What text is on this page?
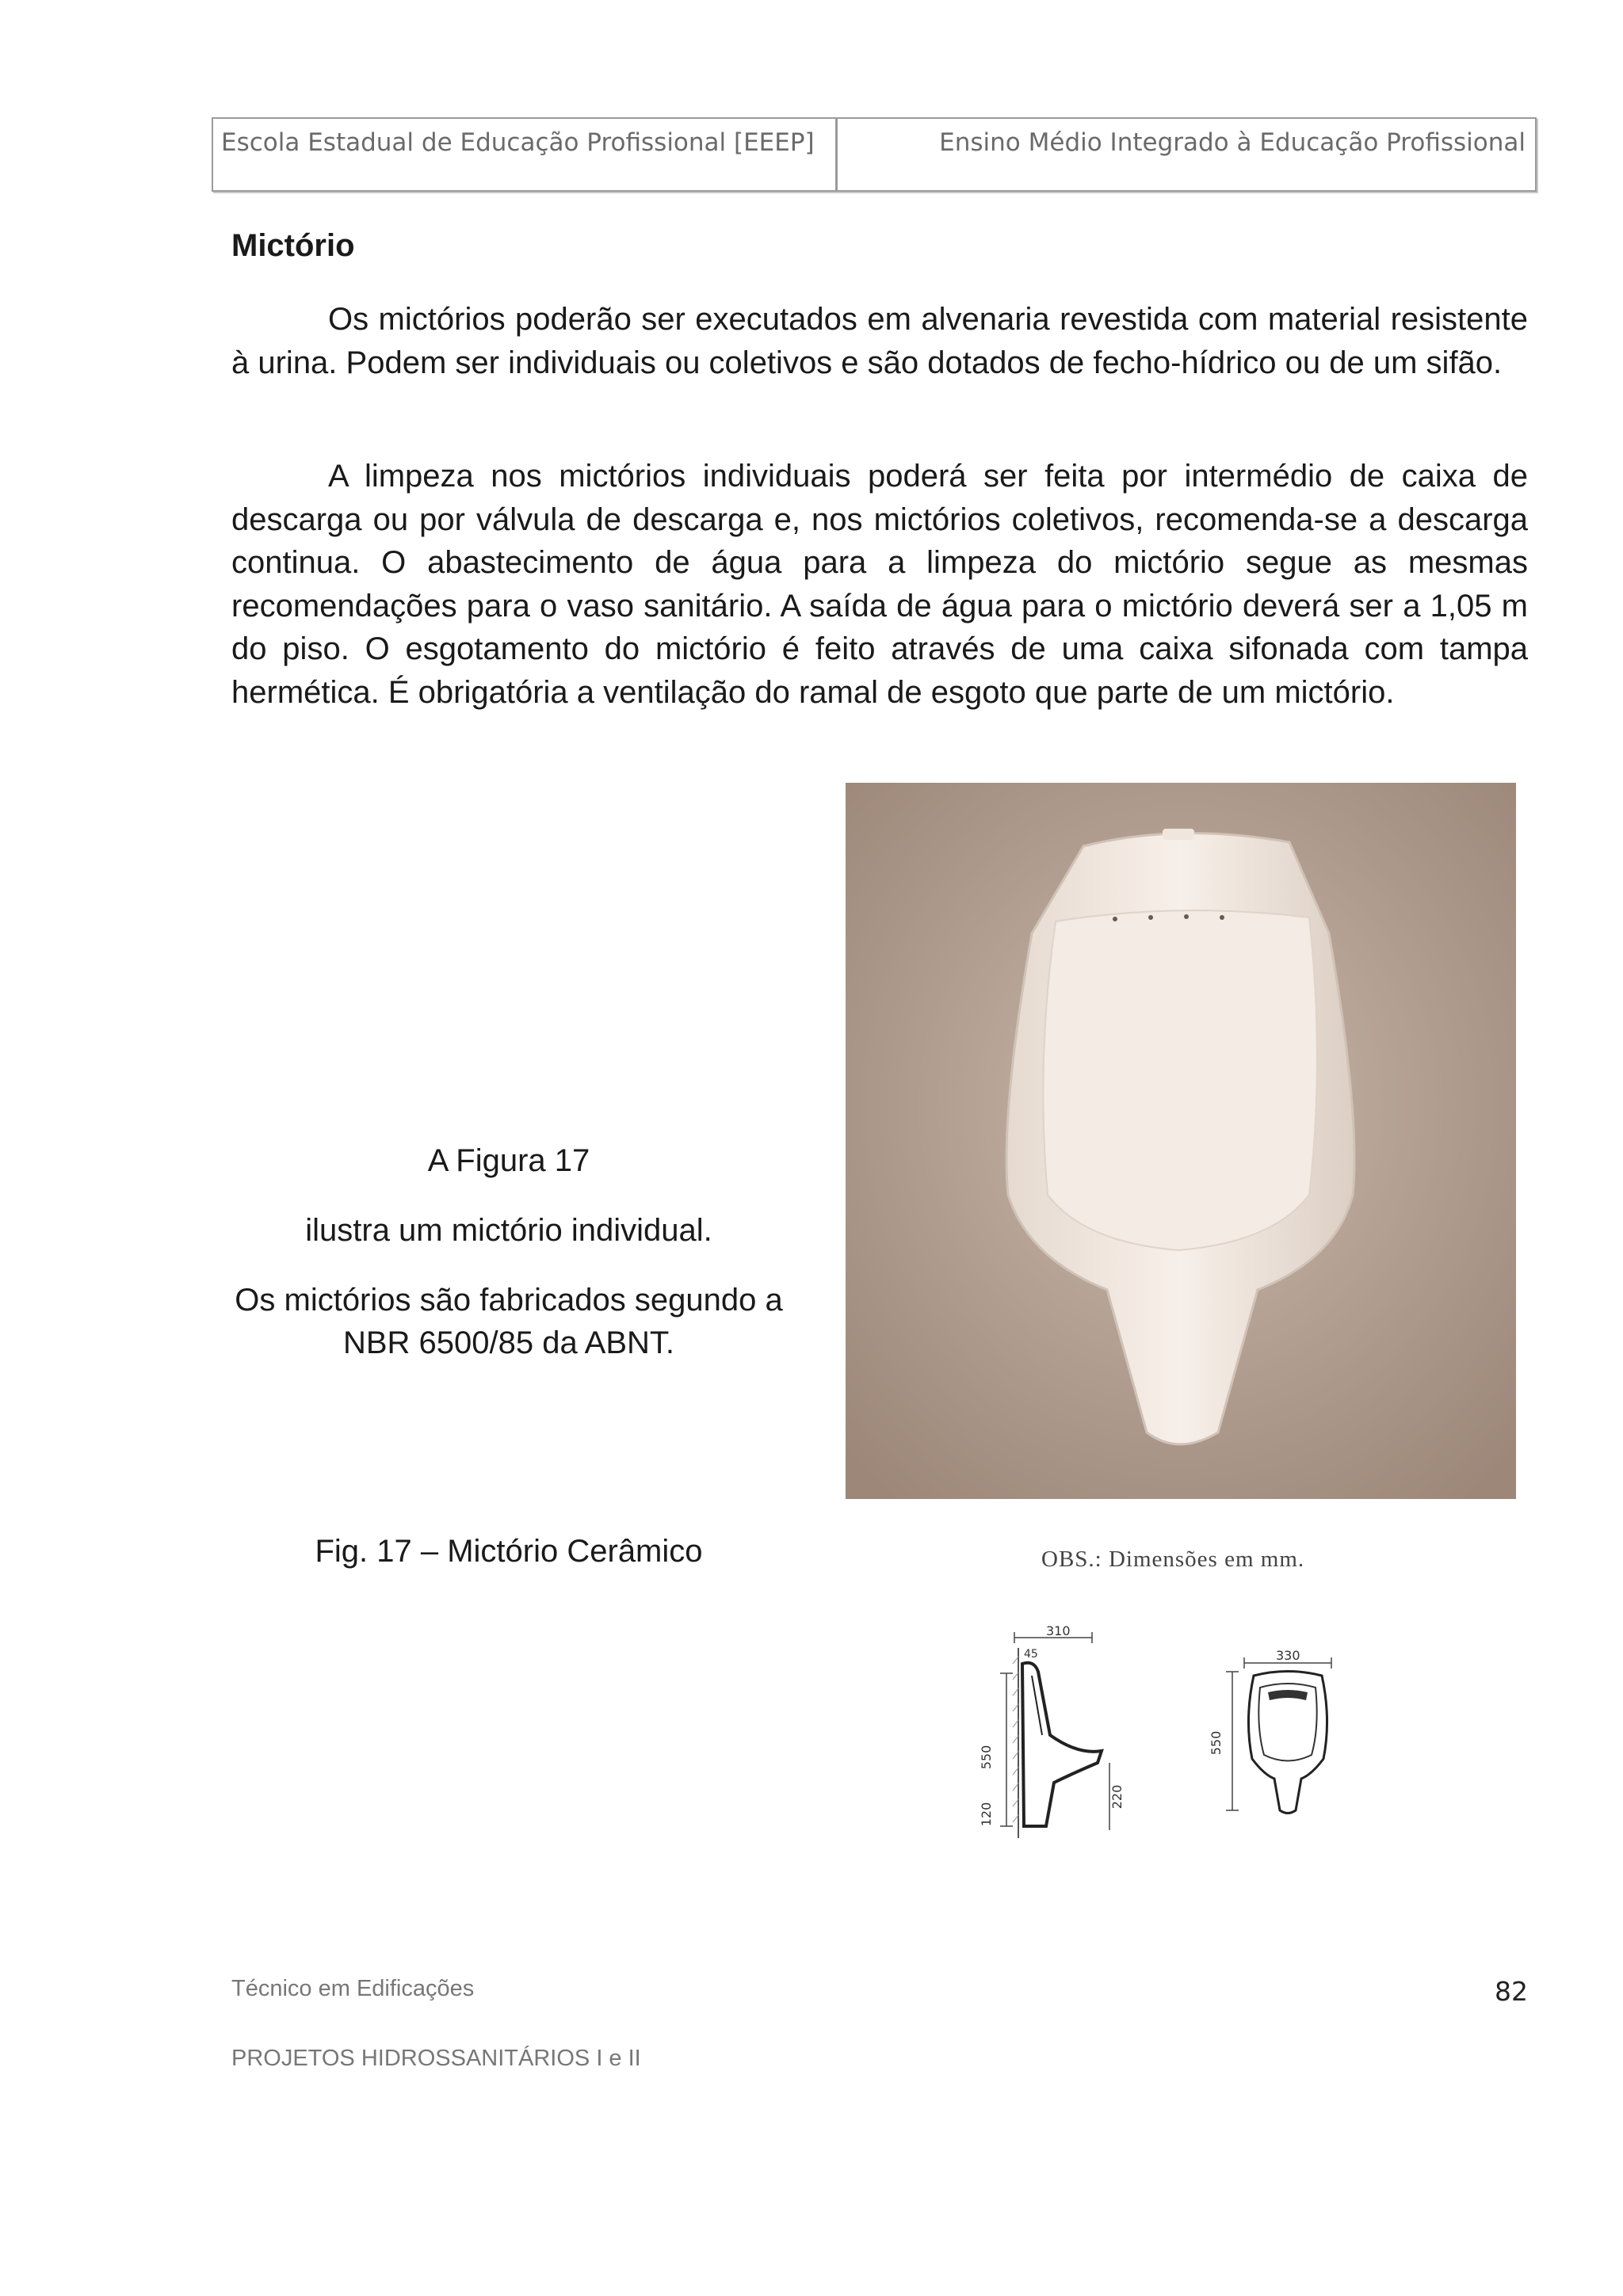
Escola Estadual de Educação Profissional [EEEP]	Ensino Médio Integrado à Educação Profissional
Mictório

Os mictórios poderão ser executados em alvenaria revestida com material resistente à urina. Podem ser individuais ou coletivos e são dotados de fecho-hídrico ou de um sifão.

A limpeza nos mictórios individuais poderá ser feita por intermédio de caixa de descarga ou por válvula de descarga e, nos mictórios coletivos, recomenda-se a descarga continua. O abastecimento de água para a limpeza do mictório segue as mesmas recomendações para o vaso sanitário. A saída de água para o mictório deverá ser a 1,05 m do piso. O esgotamento do mictório é feito através de uma caixa sifonada com tampa hermética. É obrigatória a ventilação do ramal de esgoto que parte de um mictório.

A Figura 17
ilustra um mictório individual.
Os mictórios são fabricados segundo a NBR 6500/85 da ABNT.
Fig. 17 – Mictório Cerâmico	OBS.: Dimensões em mm.
550
120
310
45
220
330
550
Técnico em Edificações
PROJETOS HIDROSSANITÁRIOS I e II
82
